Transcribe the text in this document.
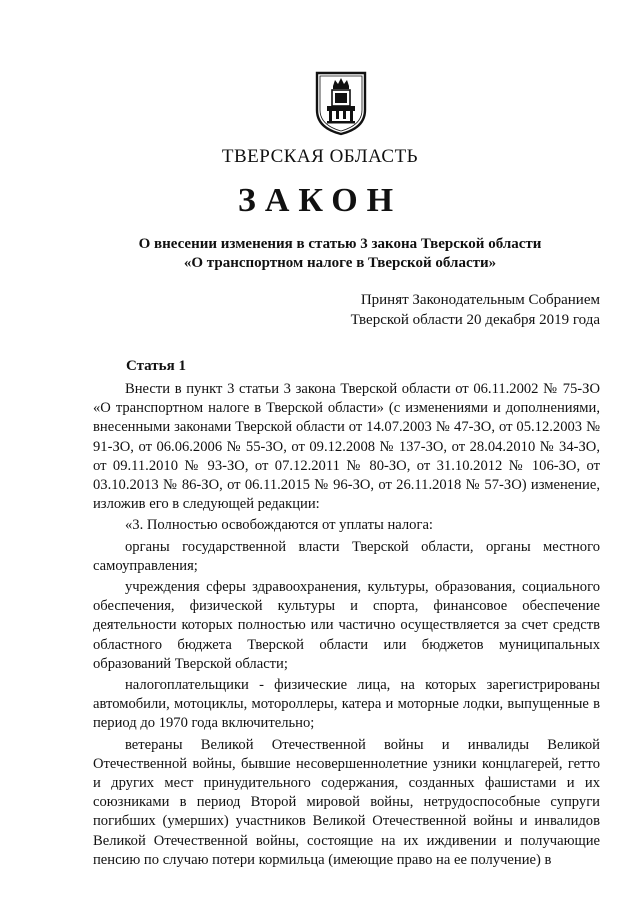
ТВЕРСКАЯ ОБЛАСТЬ
ЗАКОН
О внесении изменения в статью 3 закона Тверской области
«О транспортном налоге в Тверской области»
Принят Законодательным Собранием
Тверской области 20 декабря 2019 года
Статья 1

Внести в пункт 3 статьи 3 закона Тверской области от 06.11.2002 № 75-ЗО «О транспортном налоге в Тверской области» (с изменениями и дополнениями, внесенными законами Тверской области от 14.07.2003 № 47-ЗО, от 05.12.2003 № 91-ЗО, от 06.06.2006 № 55-ЗО, от 09.12.2008 № 137-ЗО, от 28.04.2010 № 34-ЗО, от 09.11.2010 № 93-ЗО, от 07.12.2011 № 80-ЗО, от 31.10.2012 № 106-ЗО, от 03.10.2013 № 86-ЗО, от 06.11.2015 № 96-ЗО, от 26.11.2018 № 57-ЗО) изменение, изложив его в следующей редакции:

«3. Полностью освобождаются от уплаты налога:

органы государственной власти Тверской области, органы местного самоуправления;

учреждения сферы здравоохранения, культуры, образования, социального обеспечения, физической культуры и спорта, финансовое обеспечение деятельности которых полностью или частично осуществляется за счет средств областного бюджета Тверской области или бюджетов муниципальных образований Тверской области;

налогоплательщики - физические лица, на которых зарегистрированы автомобили, мотоциклы, мотороллеры, катера и моторные лодки, выпущенные в период до 1970 года включительно;

ветераны Великой Отечественной войны и инвалиды Великой Отечественной войны, бывшие несовершеннолетние узники концлагерей, гетто и других мест принудительного содержания, созданных фашистами и их союзниками в период Второй мировой войны, нетрудоспособные супруги погибших (умерших) участников Великой Отечественной войны и инвалидов Великой Отечественной войны, состоящие на их иждивении и получающие пенсию по случаю потери кормильца (имеющие право на ее получение) в
